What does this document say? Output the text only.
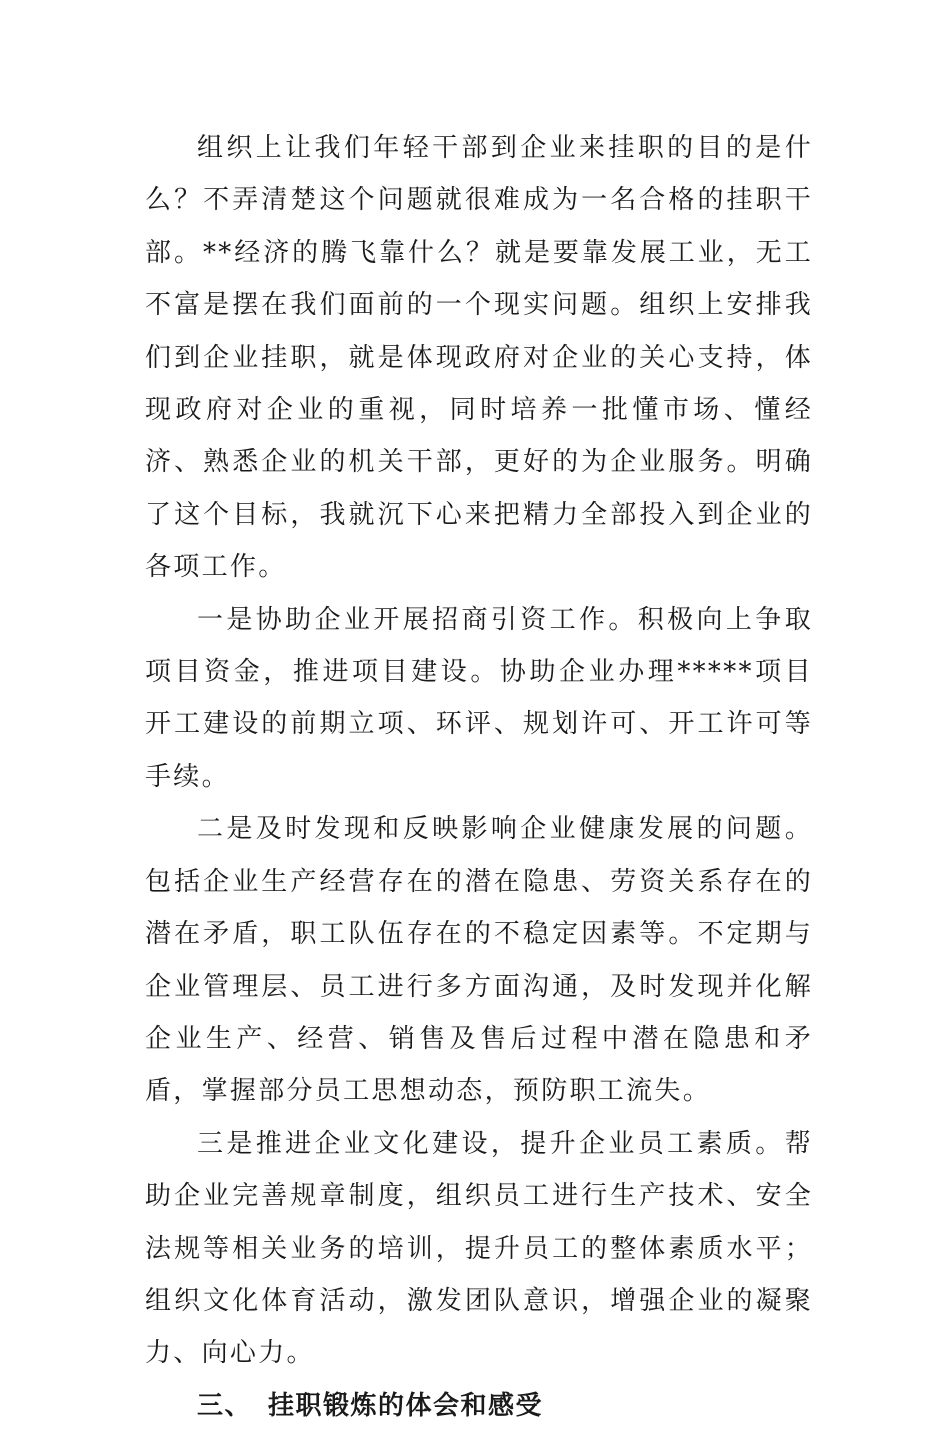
组织上让我们年轻干部到企业来挂职的目的是什么？不弄清楚这个问题就很难成为一名合格的挂职干部。**经济的腾飞靠什么？就是要靠发展工业，无工不富是摆在我们面前的一个现实问题。组织上安排我们到企业挂职，就是体现政府对企业的关心支持，体现政府对企业的重视，同时培养一批懂市场、懂经济、熟悉企业的机关干部，更好的为企业服务。明确了这个目标，我就沉下心来把精力全部投入到企业的各项工作。

一是协助企业开展招商引资工作。积极向上争取项目资金，推进项目建设。协助企业办理*****项目开工建设的前期立项、环评、规划许可、开工许可等手续。

二是及时发现和反映影响企业健康发展的问题。包括企业生产经营存在的潜在隐患、劳资关系存在的潜在矛盾，职工队伍存在的不稳定因素等。不定期与企业管理层、员工进行多方面沟通，及时发现并化解企业生产、经营、销售及售后过程中潜在隐患和矛盾，掌握部分员工思想动态，预防职工流失。

三是推进企业文化建设，提升企业员工素质。帮助企业完善规章制度，组织员工进行生产技术、安全法规等相关业务的培训，提升员工的整体素质水平；组织文化体育活动，激发团队意识，增强企业的凝聚力、向心力。

三、 挂职锻炼的体会和感受
